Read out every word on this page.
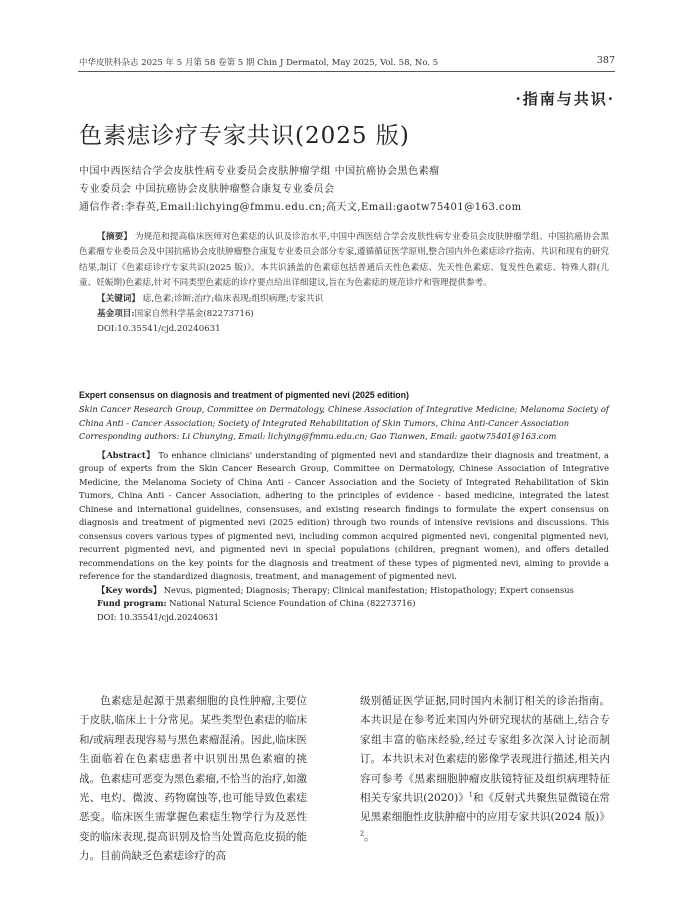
中华皮肤科杂志 2025 年 5 月第 58 卷第 5 期 Chin J Dermatol, May 2025, Vol. 58, No. 5	387
·指南与共识·
色素痣诊疗专家共识(2025 版)
中国中西医结合学会皮肤性病专业委员会皮肤肿瘤学组 中国抗癌协会黑色素瘤
专业委员会 中国抗癌协会皮肤肿瘤整合康复专业委员会
通信作者:李春英,Email:lichying@fmmu.edu.cn;高天文,Email:gaotw75401@163.com

【摘要】 为规范和提高临床医师对色素痣的认识及诊治水平,中国中西医结合学会皮肤性病专业委员会皮肤肿瘤学组、中国抗癌协会黑色素瘤专业委员会及中国抗癌协会皮肤肿瘤整合康复专业委员会部分专家,遵循循证医学原则,整合国内外色素痣诊疗指南、共识和现有的研究结果,制订《色素痣诊疗专家共识(2025 版)》。本共识涵盖的色素痣包括普通后天性色素痣、先天性色素痣、复发性色素痣、特殊人群(儿童、妊娠期)色素痣,针对不同类型色素痣的诊疗要点给出详细建议,旨在为色素痣的规范诊疗和管理提供参考。

【关键词】 痣,色素;诊断;治疗;临床表现;组织病理;专家共识

基金项目:国家自然科学基金(82273716)

DOI:10.35541/cjd.20240631

Expert consensus on diagnosis and treatment of pigmented nevi (2025 edition)

Skin Cancer Research Group, Committee on Dermatology, Chinese Association of Integrative Medicine; Melanoma Society of China Anti - Cancer Association; Society of Integrated Rehabilitation of Skin Tumors, China Anti-Cancer Association

Corresponding authors: Li Chunying, Email: lichying@fmmu.edu.cn; Gao Tianwen, Email: gaotw75401@163.com

【Abstract】 To enhance clinicians' understanding of pigmented nevi and standardize their diagnosis and treatment, a group of experts from the Skin Cancer Research Group, Committee on Dermatology, Chinese Association of Integrative Medicine, the Melanoma Society of China Anti - Cancer Association and the Society of Integrated Rehabilitation of Skin Tumors, China Anti - Cancer Association, adhering to the principles of evidence - based medicine, integrated the latest Chinese and international guidelines, consensuses, and existing research findings to formulate the expert consensus on diagnosis and treatment of pigmented nevi (2025 edition) through two rounds of intensive revisions and discussions. This consensus covers various types of pigmented nevi, including common acquired pigmented nevi, congenital pigmented nevi, recurrent pigmented nevi, and pigmented nevi in special populations (children, pregnant women), and offers detailed recommendations on the key points for the diagnosis and treatment of these types of pigmented nevi, aiming to provide a reference for the standardized diagnosis, treatment, and management of pigmented nevi.

【Key words】 Nevus, pigmented; Diagnosis; Therapy; Clinical manifestation; Histopathology; Expert consensus

Fund program: National Natural Science Foundation of China (82273716)

DOI: 10.35541/cjd.20240631

色素痣是起源于黑素细胞的良性肿瘤,主要位于皮肤,临床上十分常见。某些类型色素痣的临床和/或病理表现容易与黑色素瘤混淆。因此,临床医生面临着在色素痣患者中识别出黑色素瘤的挑战。色素痣可恶变为黑色素瘤,不恰当的治疗,如激光、电灼、微波、药物腐蚀等,也可能导致色素痣恶变。临床医生需掌握色素痣生物学行为及恶性变的临床表现,提高识别及恰当处置高危皮损的能力。目前尚缺乏色素痣诊疗的高

级别循证医学证据,同时国内未制订相关的诊治指南。本共识是在参考近来国内外研究现状的基础上,结合专家组丰富的临床经验,经过专家组多次深入讨论而制订。本共识未对色素痣的影像学表现进行描述,相关内容可参考《黑素细胞肿瘤皮肤镜特征及组织病理特征相关专家共识(2020)》$^1$和《反射式共聚焦显微镜在常见黑素细胞性皮肤肿瘤中的应用专家共识(2024 版)》$^2$。
